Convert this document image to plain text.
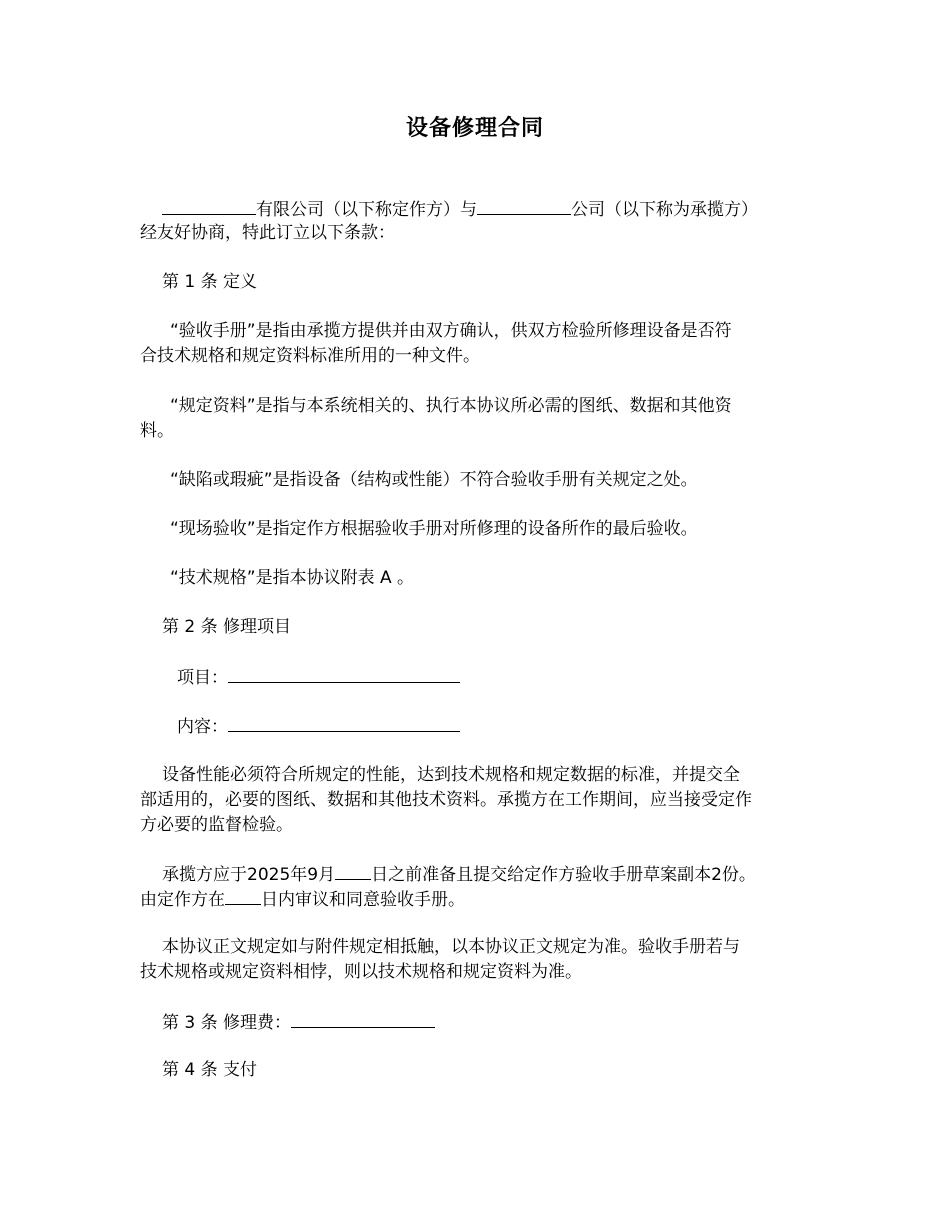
设备修理合同
有限公司（以下称定作方）与	公司（以下称为承揽方）
经友好协商，特此订立以下条款：
第 1 条 定义
“验收手册”是指由承揽方提供并由双方确认，供双方检验所修理设备是否符
合技术规格和规定资料标准所用的一种文件。
“规定资料”是指与本系统相关的、执行本协议所必需的图纸、数据和其他资
料。
“缺陷或瑕疵”是指设备（结构或性能）不符合验收手册有关规定之处。
“现场验收”是指定作方根据验收手册对所修理的设备所作的最后验收。
“技术规格”是指本协议附表 A 。
第 2 条 修理项目
项目：
内容：
设备性能必须符合所规定的性能，达到技术规格和规定数据的标准，并提交全
部适用的，必要的图纸、数据和其他技术资料。承揽方在工作期间，应当接受定作
方必要的监督检验。
承揽方应于2025年9月 日之前准备且提交给定作方验收手册草案副本2份。
由定作方在 日内审议和同意验收手册。
本协议正文规定如与附件规定相抵触，以本协议正文规定为准。验收手册若与
技术规格或规定资料相悖，则以技术规格和规定资料为准。
第 3 条 修理费：
第 4 条 支付
